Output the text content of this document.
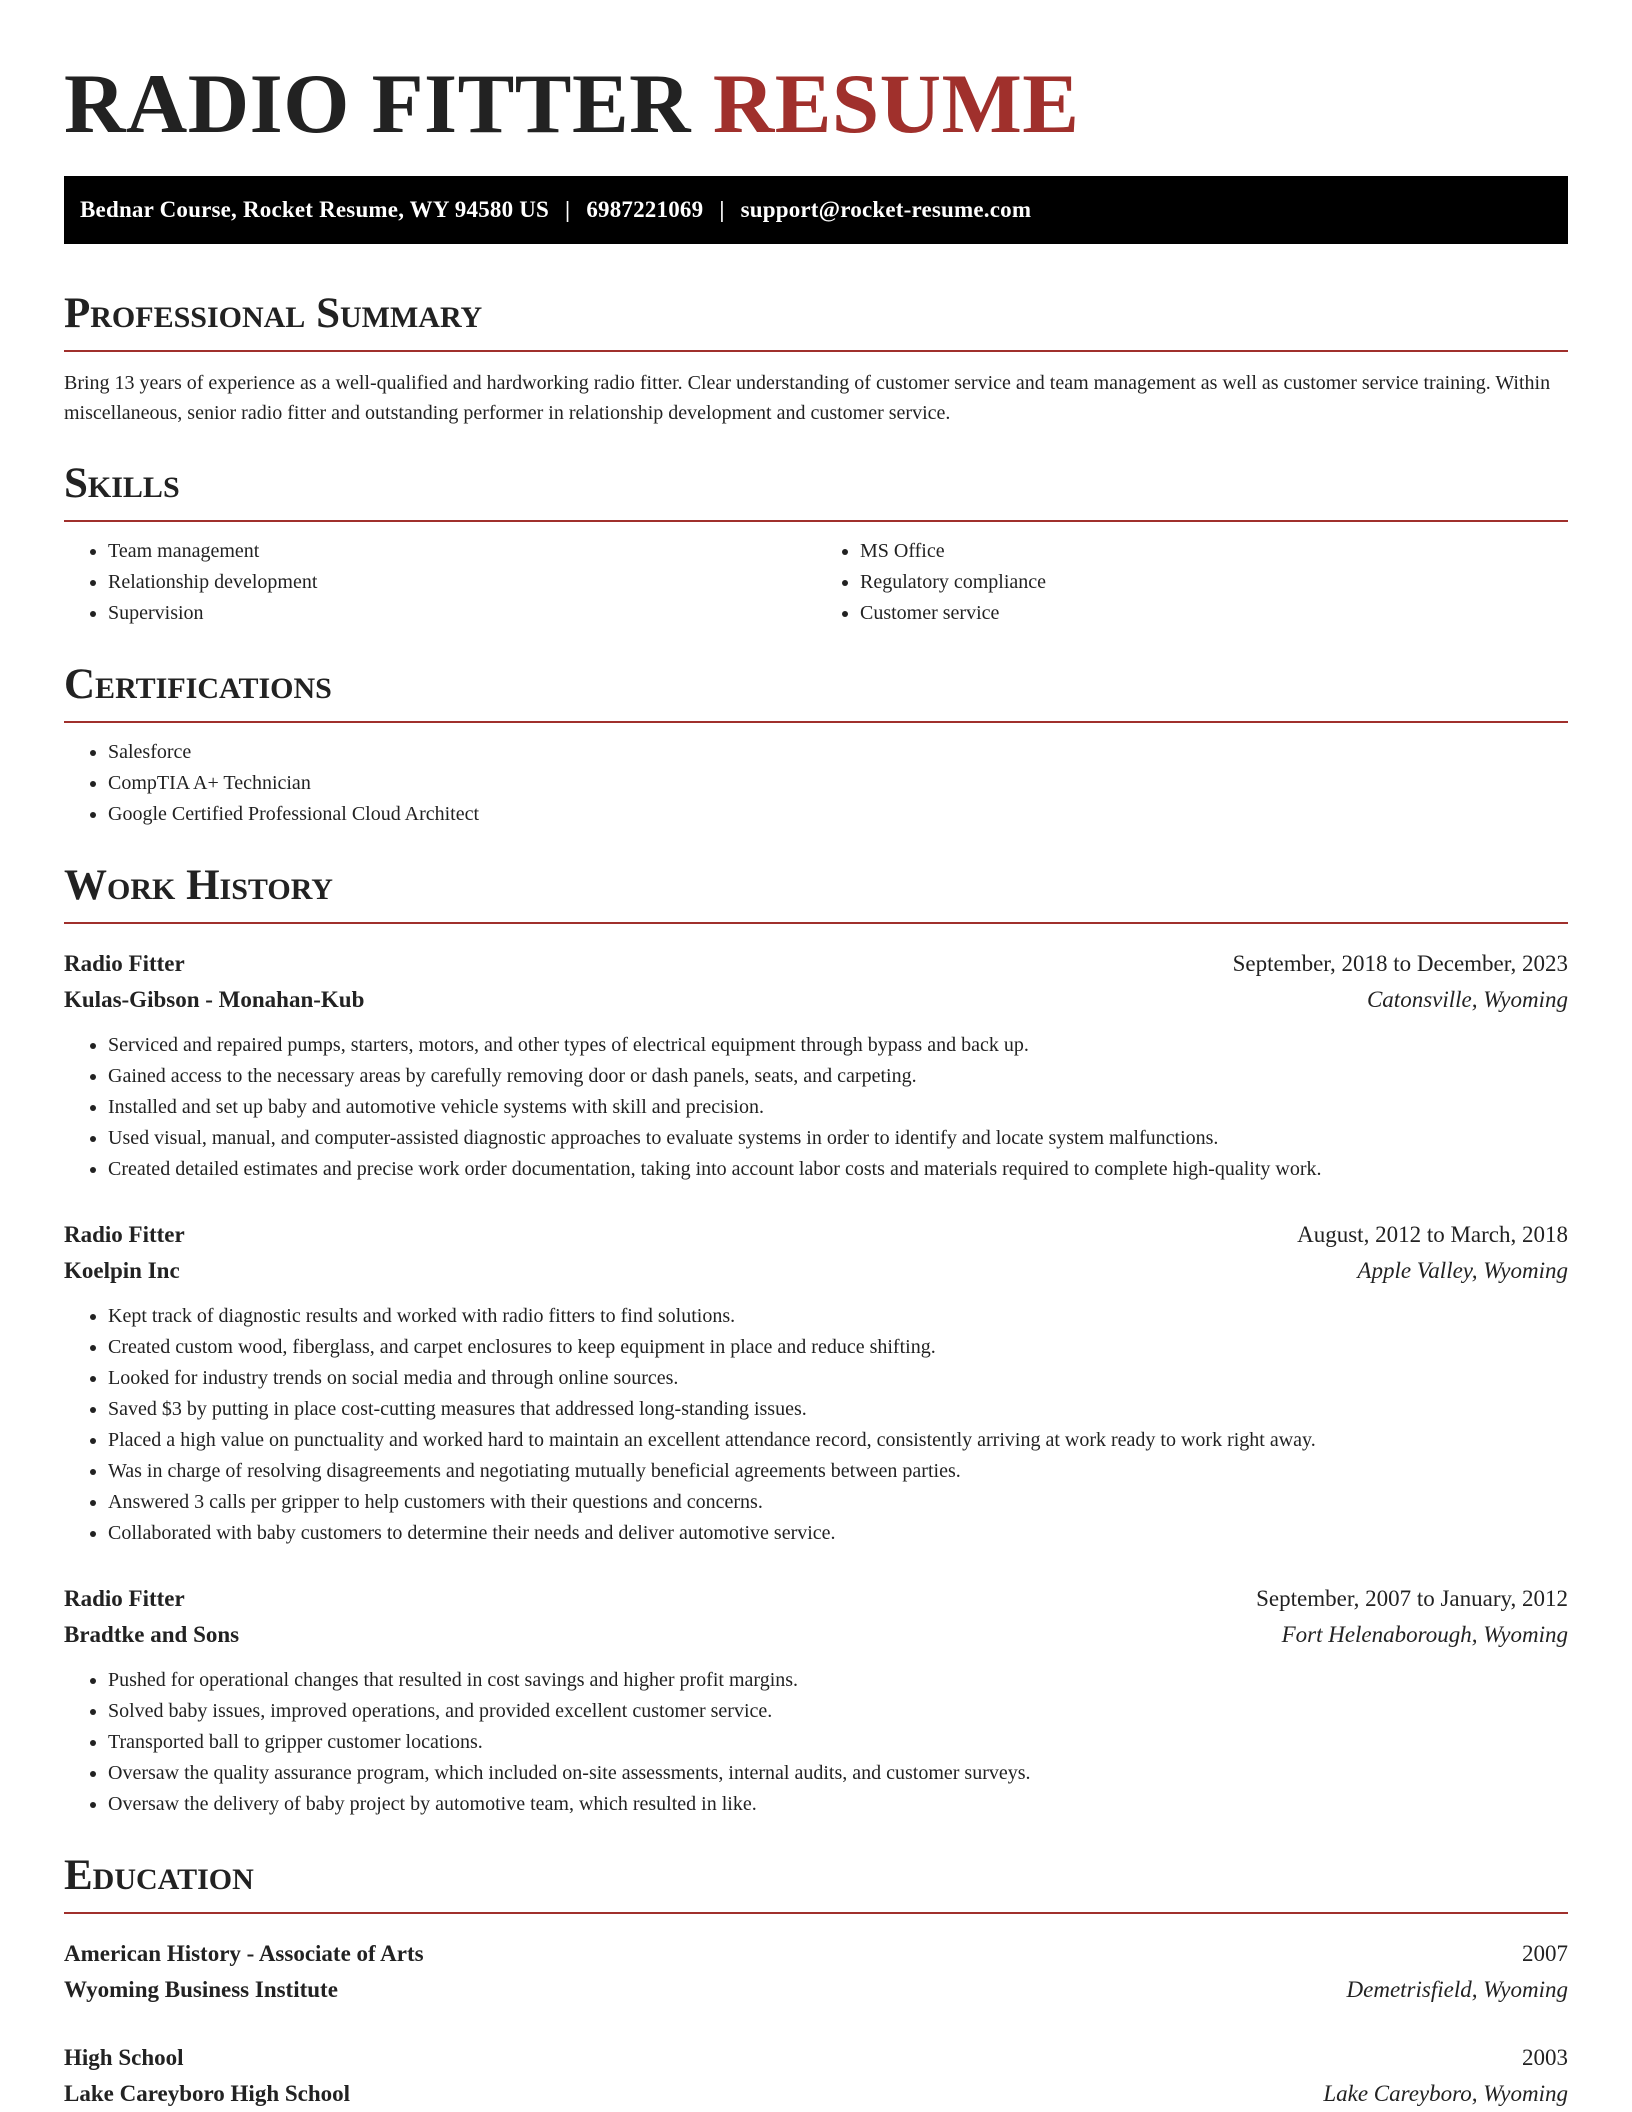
RADIO FITTER RESUME
Bednar Course, Rocket Resume, WY 94580 US | 6987221069 | support@rocket-resume.com
Professional Summary

Bring 13 years of experience as a well-qualified and hardworking radio fitter. Clear understanding of customer service and team management as well as customer service training. Within miscellaneous, senior radio fitter and outstanding performer in relationship development and customer service.

Skills
• Team management
• Relationship development
• Supervision
• MS Office
• Regulatory compliance
• Customer service
Certifications
• Salesforce
• CompTIA A+ Technician
• Google Certified Professional Cloud Architect
Work History
Radio Fitter	September, 2018 to December, 2023
Kulas-Gibson - Monahan-Kub	Catonsville, Wyoming
• Serviced and repaired pumps, starters, motors, and other types of electrical equipment through bypass and back up.
• Gained access to the necessary areas by carefully removing door or dash panels, seats, and carpeting.
• Installed and set up baby and automotive vehicle systems with skill and precision.
• Used visual, manual, and computer-assisted diagnostic approaches to evaluate systems in order to identify and locate system malfunctions.
• Created detailed estimates and precise work order documentation, taking into account labor costs and materials required to complete high-quality work.
Radio Fitter	August, 2012 to March, 2018
Koelpin Inc	Apple Valley, Wyoming
• Kept track of diagnostic results and worked with radio fitters to find solutions.
• Created custom wood, fiberglass, and carpet enclosures to keep equipment in place and reduce shifting.
• Looked for industry trends on social media and through online sources.
• Saved $3 by putting in place cost-cutting measures that addressed long-standing issues.
• Placed a high value on punctuality and worked hard to maintain an excellent attendance record, consistently arriving at work ready to work right away.
• Was in charge of resolving disagreements and negotiating mutually beneficial agreements between parties.
• Answered 3 calls per gripper to help customers with their questions and concerns.
• Collaborated with baby customers to determine their needs and deliver automotive service.
Radio Fitter	September, 2007 to January, 2012
Bradtke and Sons	Fort Helenaborough, Wyoming
• Pushed for operational changes that resulted in cost savings and higher profit margins.
• Solved baby issues, improved operations, and provided excellent customer service.
• Transported ball to gripper customer locations.
• Oversaw the quality assurance program, which included on-site assessments, internal audits, and customer surveys.
• Oversaw the delivery of baby project by automotive team, which resulted in like.
Education
American History - Associate of Arts	2007
Wyoming Business Institute	Demetrisfield, Wyoming
High School	2003
Lake Careyboro High School	Lake Careyboro, Wyoming
